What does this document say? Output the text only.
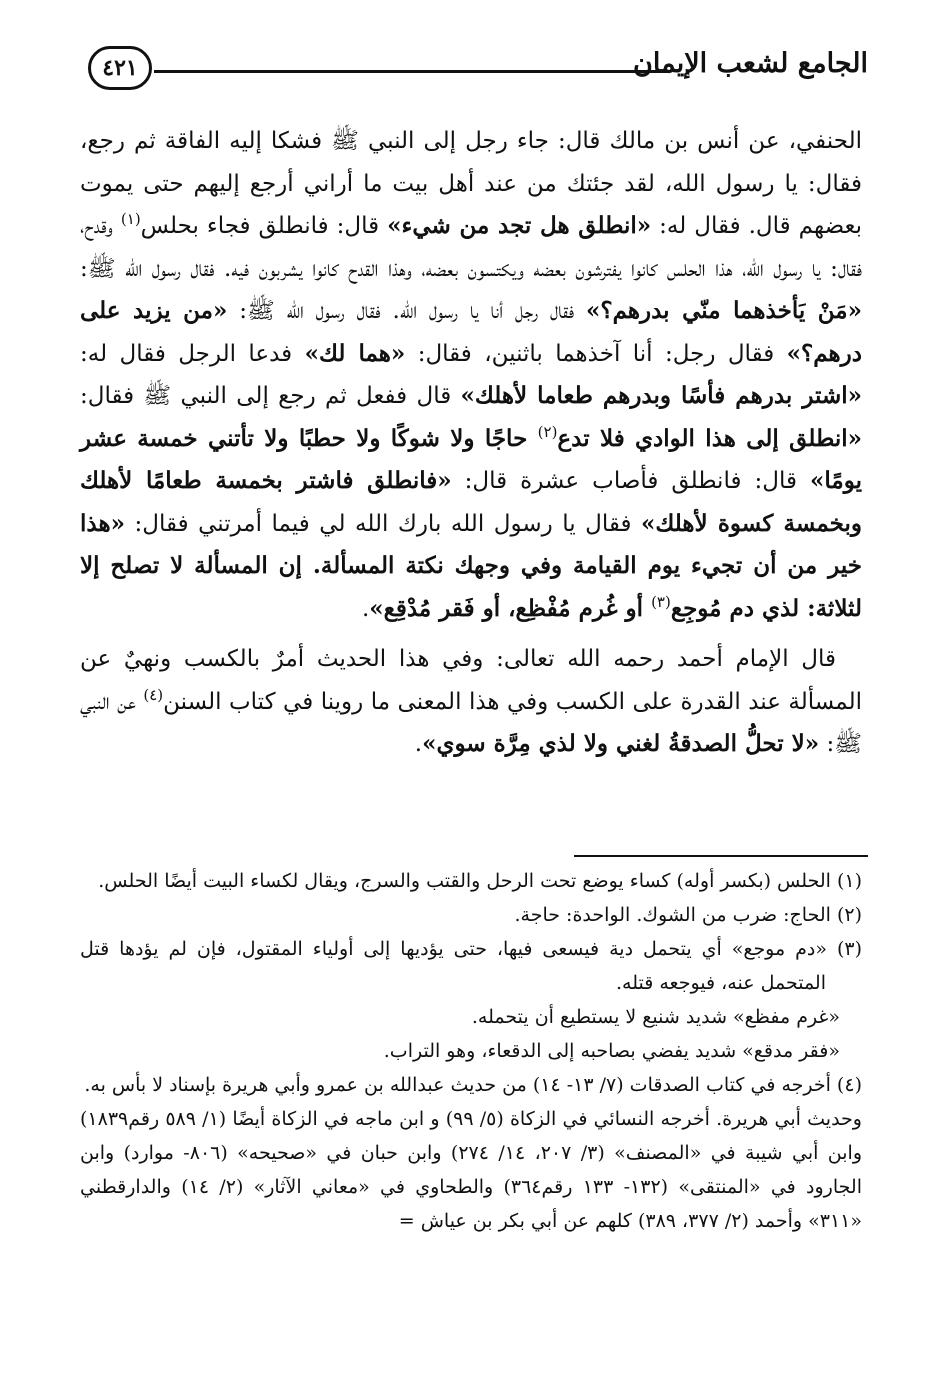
الجامع لشعب الإيمان
٤٢١

الحنفي، عن أنس بن مالك قال: جاء رجل إلى النبي ﷺ فشكا إليه الفاقة ثم رجع، فقال: يا رسول الله، لقد جئتك من عند أهل بيت ما أراني أرجع إليهم حتى يموت بعضهم قال. فقال له: «انطلق هل تجد من شيء» قال: فانطلق فجاء بحلس$^{(١)}$ وقدح، فقال: يا رسول الله، هذا الحلس كانوا يفترشون بعضه ويكتسون بعضه، وهذا القدح كانوا يشربون فيه. فقال رسول الله ﷺ: «مَنْ يَأخذهما منّي بدرهم؟» فقال رجل أنا يا رسول الله. فقال رسول الله ﷺ: «من يزيد على درهم؟» فقال رجل: أنا آخذهما باثنين، فقال: «هما لك» فدعا الرجل فقال له: «اشتر بدرهم فأسًا وبدرهم طعاما لأهلك» قال ففعل ثم رجع إلى النبي ﷺ فقال: «انطلق إلى هذا الوادي فلا تدع$^{(٢)}$ حاجًا ولا شوكًا ولا حطبًا ولا تأتني خمسة عشر يومًا» قال: فانطلق فأصاب عشرة قال: «فانطلق فاشتر بخمسة طعامًا لأهلك وبخمسة كسوة لأهلك» فقال يا رسول الله بارك الله لي فيما أمرتني فقال: «هذا خير من أن تجيء يوم القيامة وفي وجهك نكتة المسألة. إن المسألة لا تصلح إلا لثلاثة: لذي دم مُوجِع$^{(٣)}$ أو غُرم مُفْظِع، أو فَقر مُدْقِع».

قال الإمام أحمد رحمه الله تعالى: وفي هذا الحديث أمرٌ بالكسب ونهيٌ عن المسألة عند القدرة على الكسب وفي هذا المعنى ما روينا في كتاب السنن$^{(٤)}$ عن النبي ﷺ: «لا تحلُّ الصدقةُ لغني ولا لذي مِرَّة سوي».

(١) الحلس (بكسر أوله) كساء يوضع تحت الرحل والقتب والسرج، ويقال لكساء البيت أيضًا الحلس.

(٢) الحاج: ضرب من الشوك. الواحدة: حاجة.

(٣) «دم موجع» أي يتحمل دية فيسعى فيها، حتى يؤديها إلى أولياء المقتول، فإن لم يؤدها قتل المتحمل عنه، فيوجعه قتله.

«غرم مفظع» شديد شنيع لا يستطيع أن يتحمله.

«فقر مدقع» شديد يفضي بصاحبه إلى الدقعاء، وهو التراب.

(٤) أخرجه في كتاب الصدقات (٧/ ١٣- ١٤) من حديث عبدالله بن عمرو وأبي هريرة بإسناد لا بأس به.

وحديث أبي هريرة. أخرجه النسائي في الزكاة (٥/ ٩٩) و ابن ماجه في الزكاة أيضًا (١/ ٥٨٩ رقم١٨٣٩) وابن أبي شيبة في «المصنف» (٣/ ٢٠٧، ١٤/ ٢٧٤) وابن حبان في «صحيحه» (٨٠٦- موارد) وابن الجارود في «المنتقى» (١٣٢- ١٣٣ رقم٣٦٤) والطحاوي في «معاني الآثار» (٢/ ١٤) والدارقطني «٣١١» وأحمد (٢/ ٣٧٧، ٣٨٩) كلهم عن أبي بكر بن عياش =
